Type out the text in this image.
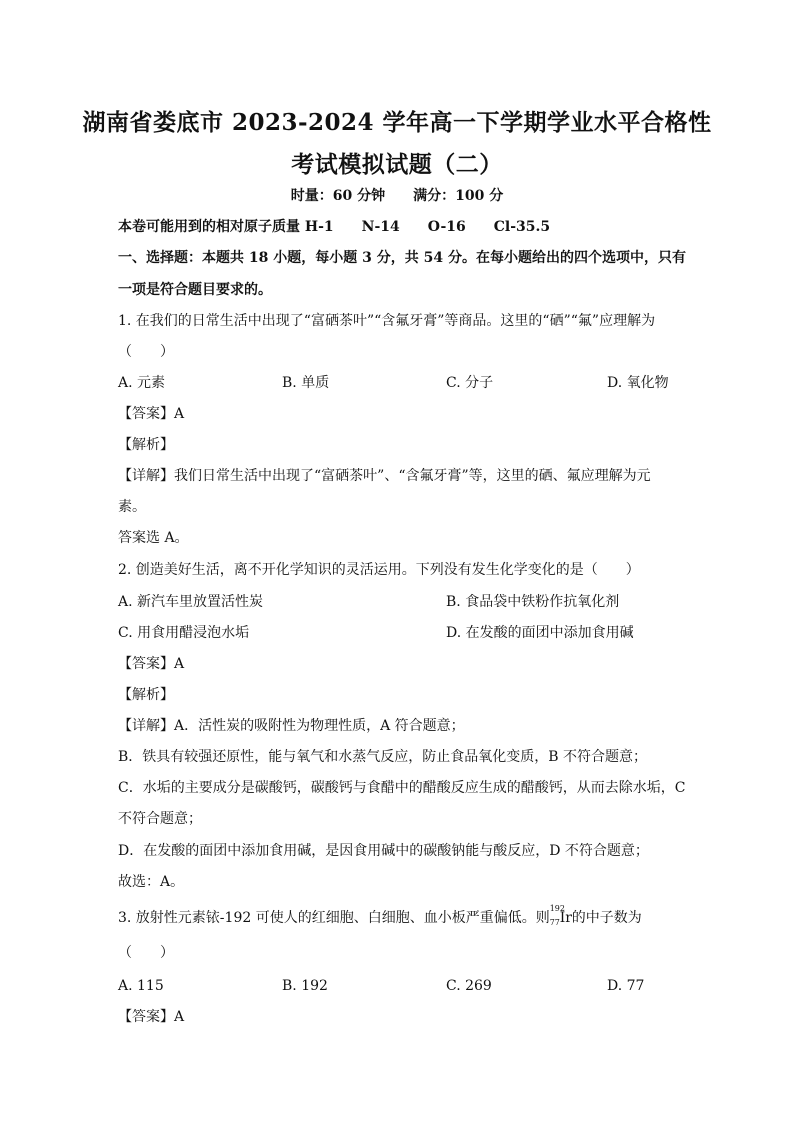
湖南省娄底市 2023-2024 学年高一下学期学业水平合格性
考试模拟试题（二）
时量：60 分钟　　满分：100 分
本卷可能用到的相对原子质量 H-1　　N-14　　O-16　　Cl-35.5
一、选择题：本题共 18 小题，每小题 3 分，共 54 分。在每小题给出的四个选项中，只有
一项是符合题目要求的。
1. 在我们的日常生活中出现了“富硒茶叶”“含氟牙膏”等商品。这里的“硒”“氟”应理解为
（　　）
A. 元素	B. 单质	C. 分子	D. 氧化物
【答案】A
【解析】
【详解】我们日常生活中出现了“富硒茶叶”、“含氟牙膏”等，这里的硒、氟应理解为元
素。
答案选 A。
2. 创造美好生活，离不开化学知识的灵活运用。下列没有发生化学变化的是（　　）
A. 新汽车里放置活性炭	B. 食品袋中铁粉作抗氧化剂
C. 用食用醋浸泡水垢	D. 在发酸的面团中添加食用碱
【答案】A
【解析】
【详解】A．活性炭的吸附性为物理性质，A 符合题意；
B．铁具有较强还原性，能与氧气和水蒸气反应，防止食品氧化变质，B 不符合题意；
C．水垢的主要成分是碳酸钙，碳酸钙与食醋中的醋酸反应生成的醋酸钙，从而去除水垢，C
不符合题意；
D．在发酸的面团中添加食用碱，是因食用碱中的碳酸钠能与酸反应，D 不符合题意；
故选：A。
3. 放射性元素铱-192 可使人的红细胞、白细胞、血小板严重偏低。则
192
77 Ir 的中子数为
（　　）
A. 115	B. 192	C. 269	D. 77
【答案】A
